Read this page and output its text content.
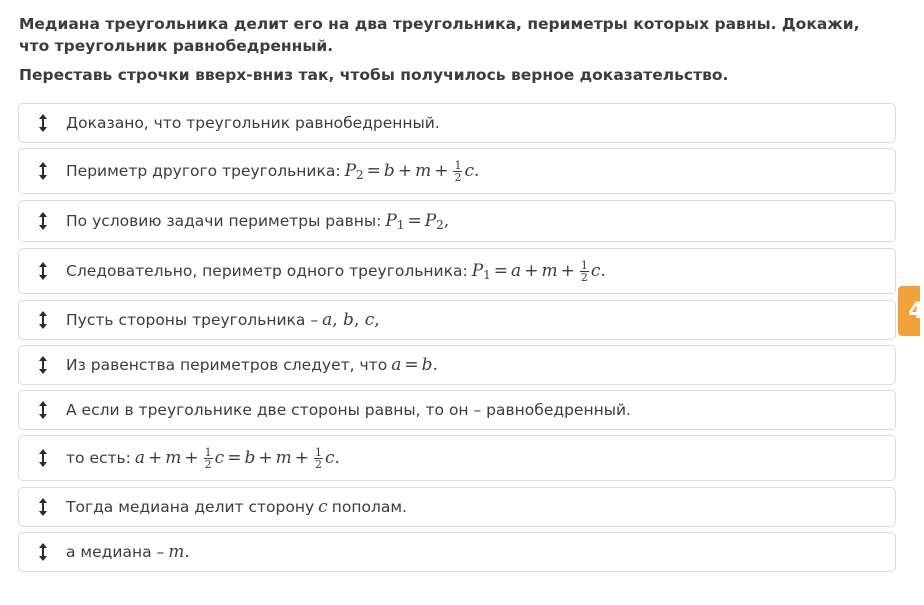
Медиана треугольника делит его на два треугольника, периметры которых равны. Докажи, что треугольник равнобедренный.

Переставь строчки вверх-вниз так, чтобы получилось верное доказательство.

Доказано, что треугольник равнобедренный.
Периметр другого треугольника: $P_2 = b + m + \frac{1}{2} c$.
По условию задачи периметры равны: $P_1 = P_2$,
Следовательно, периметр одного треугольника: $P_1 = a + m + \frac{1}{2} c$.
Пусть стороны треугольника – a, b, c,
Из равенства периметров следует, что a = b.
А если в треугольнике две стороны равны, то он – равнобедренный.
то есть: $a + m + \frac{1}{2}$ $c = b + m + \frac{1}{2} c$.
Тогда медиана делит сторону c пополам.
а медиана – m.
4
